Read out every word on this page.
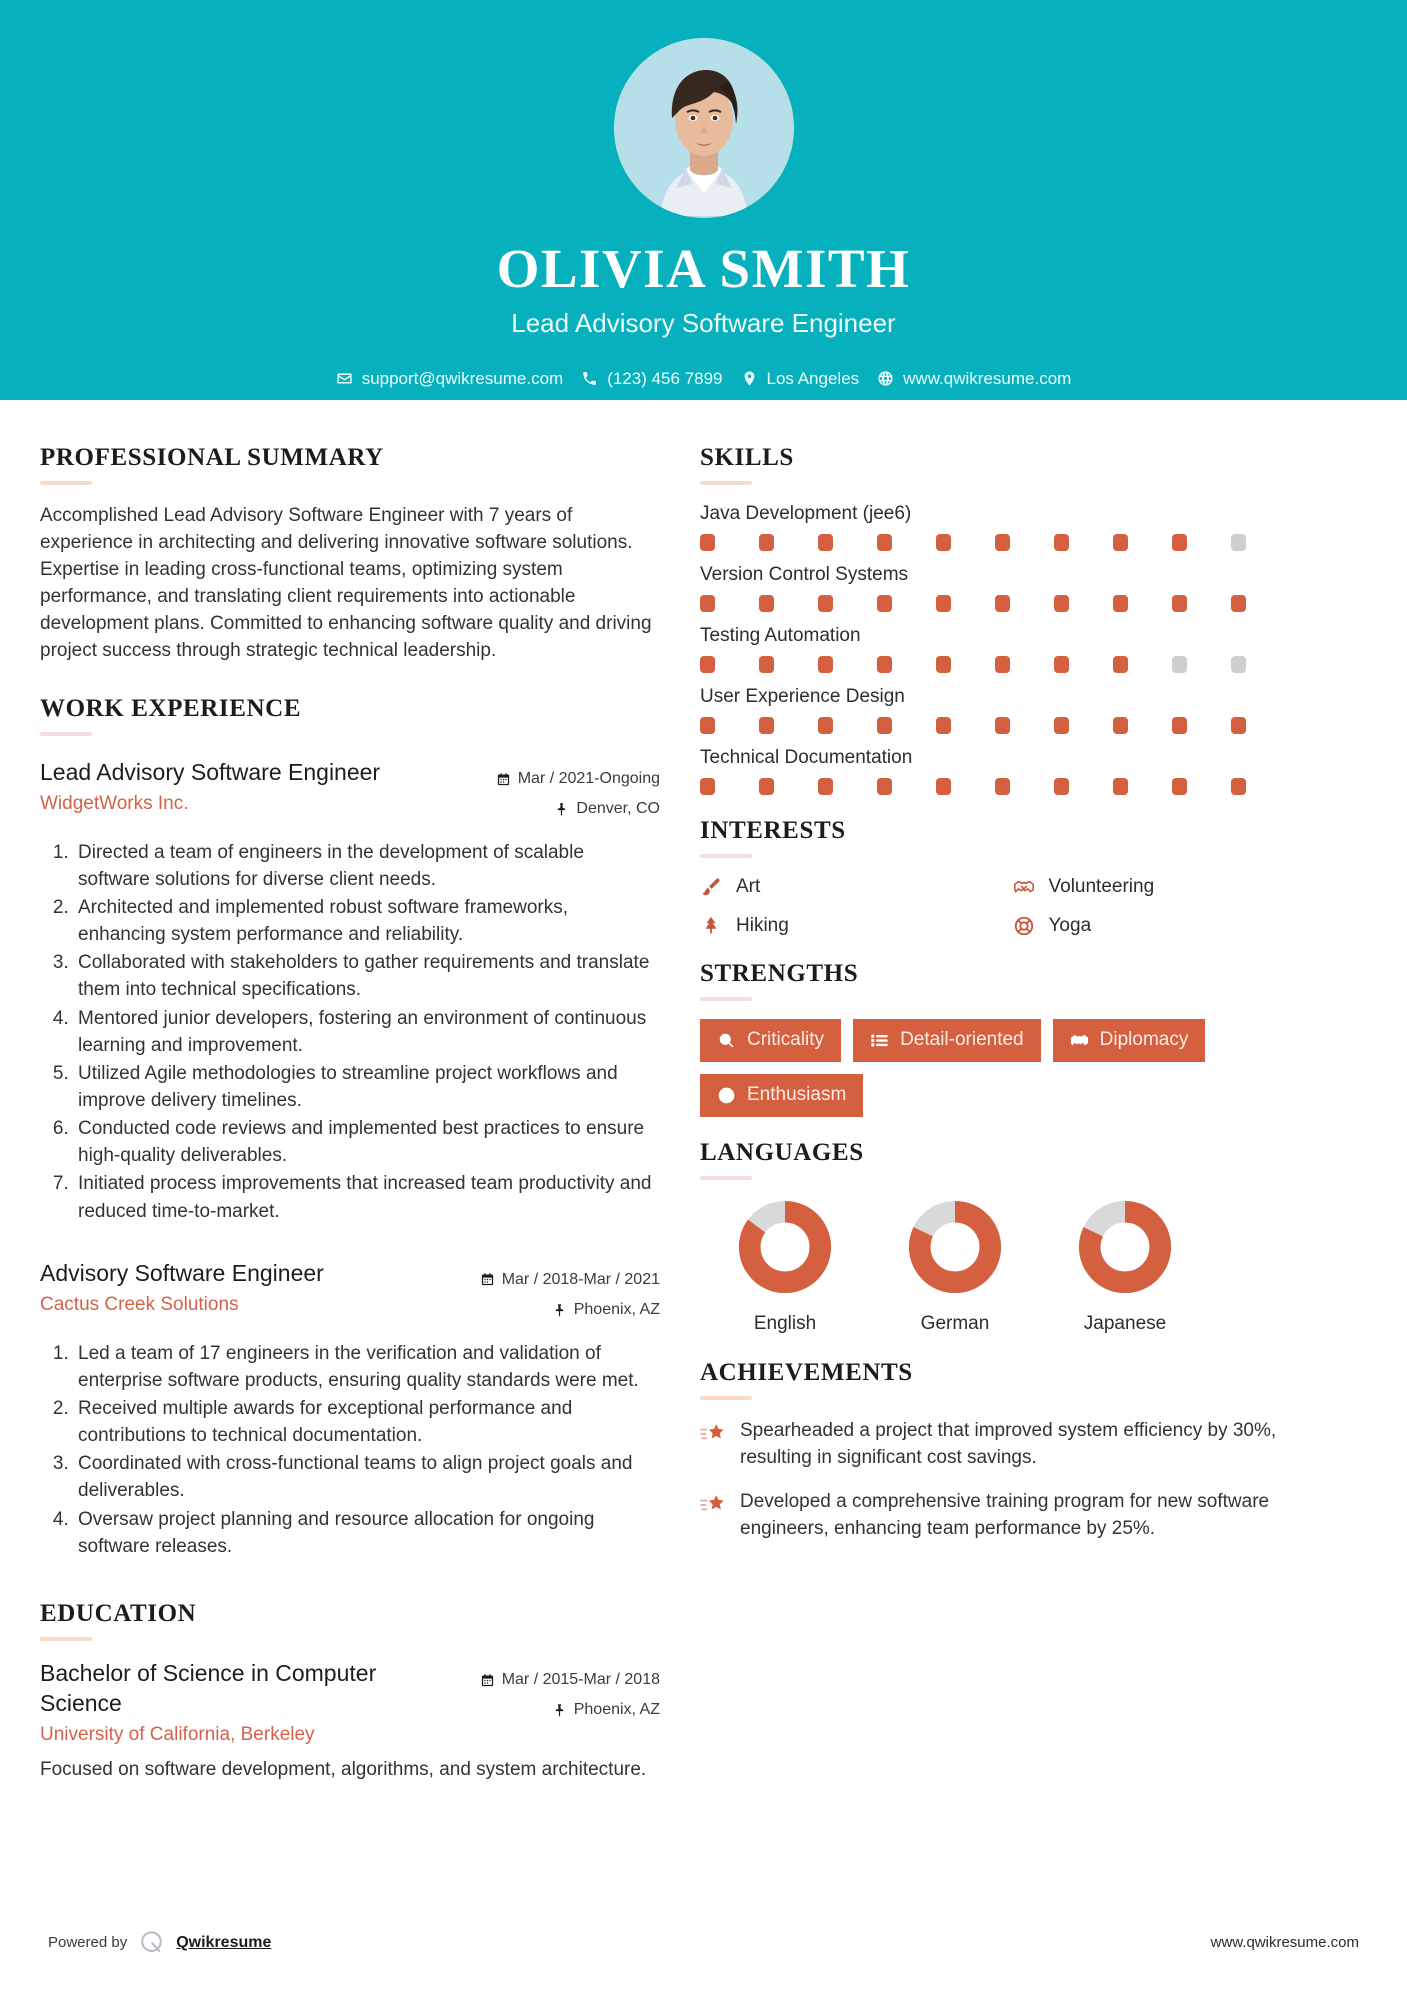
OLIVIA SMITH
Lead Advisory Software Engineer
support@qwikresume.com	(123) 456 7899	Los Angeles	www.qwikresume.com
PROFESSIONAL SUMMARY
Accomplished Lead Advisory Software Engineer with 7 years of experience in architecting and delivering innovative software solutions. Expertise in leading cross-functional teams, optimizing system performance, and translating client requirements into actionable development plans. Committed to enhancing software quality and driving project success through strategic technical leadership.
WORK EXPERIENCE
Lead Advisory Software Engineer
WidgetWorks Inc.
Mar / 2021-Ongoing
Denver, CO
1. Directed a team of engineers in the development of scalable software solutions for diverse client needs.
2. Architected and implemented robust software frameworks, enhancing system performance and reliability.
3. Collaborated with stakeholders to gather requirements and translate them into technical specifications.
4. Mentored junior developers, fostering an environment of continuous learning and improvement.
5. Utilized Agile methodologies to streamline project workflows and improve delivery timelines.
6. Conducted code reviews and implemented best practices to ensure high-quality deliverables.
7. Initiated process improvements that increased team productivity and reduced time-to-market.
Advisory Software Engineer
Cactus Creek Solutions
Mar / 2018-Mar / 2021
Phoenix, AZ
1. Led a team of 17 engineers in the verification and validation of enterprise software products, ensuring quality standards were met.
2. Received multiple awards for exceptional performance and contributions to technical documentation.
3. Coordinated with cross-functional teams to align project goals and deliverables.
4. Oversaw project planning and resource allocation for ongoing software releases.
EDUCATION
Bachelor of Science in Computer Science
University of California, Berkeley
Mar / 2015-Mar / 2018
Phoenix, AZ
Focused on software development, algorithms, and system architecture.
SKILLS
Java Development (jee6)
Version Control Systems
Testing Automation
User Experience Design
Technical Documentation
INTERESTS
Art	Volunteering
Hiking	Yoga
STRENGTHS
Criticality	Detail-oriented	Diplomacy
Enthusiasm
LANGUAGES
English	German	Japanese
ACHIEVEMENTS
Spearheaded a project that improved system efficiency by 30%, resulting in significant cost savings.
Developed a comprehensive training program for new software engineers, enhancing team performance by 25%.
Powered by	Qwikresume	www.qwikresume.com
